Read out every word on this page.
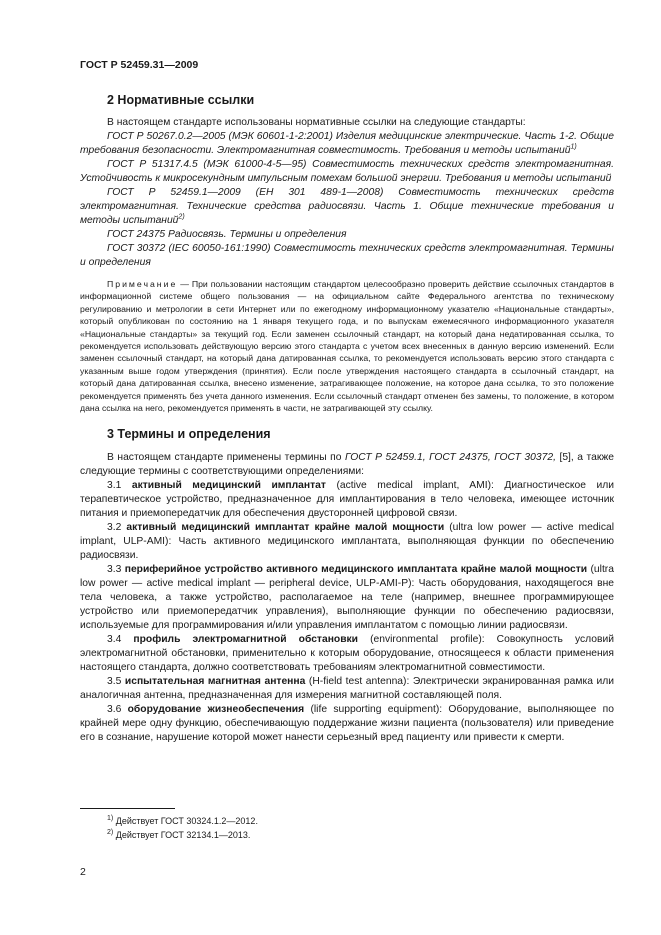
ГОСТ Р 52459.31—2009
2 Нормативные ссылки

В настоящем стандарте использованы нормативные ссылки на следующие стандарты:

ГОСТ Р 50267.0.2—2005 (МЭК 60601-1-2:2001) Изделия медицинские электрические. Часть 1-2. Общие требования безопасности. Электромагнитная совместимость. Требования и методы испытаний$^{1)}$

ГОСТ Р 51317.4.5 (МЭК 61000-4-5—95) Совместимость технических средств электромагнитная. Устойчивость к микросекундным импульсным помехам большой энергии. Требования и методы испытаний

ГОСТ Р 52459.1—2009 (ЕН 301 489-1—2008) Совместимость технических средств электромагнитная. Технические средства радиосвязи. Часть 1. Общие технические требования и методы испытаний$^{2)}$

ГОСТ 24375 Радиосвязь. Термины и определения

ГОСТ 30372 (IEC 60050-161:1990) Совместимость технических средств электромагнитная. Термины и определения

Примечание — При пользовании настоящим стандартом целесообразно проверить действие ссылочных стандартов в информационной системе общего пользования — на официальном сайте Федерального агентства по техническому регулированию и метрологии в сети Интернет или по ежегодному информационному указателю «Национальные стандарты», который опубликован по состоянию на 1 января текущего года, и по выпускам ежемесячного информационного указателя «Национальные стандарты» за текущий год. Если заменен ссылочный стандарт, на который дана недатированная ссылка, то рекомендуется использовать действующую версию этого стандарта с учетом всех внесенных в данную версию изменений. Если заменен ссылочный стандарт, на который дана датированная ссылка, то рекомендуется использовать версию этого стандарта с указанным выше годом утверждения (принятия). Если после утверждения настоящего стандарта в ссылочный стандарт, на который дана датированная ссылка, внесено изменение, затрагивающее положение, на которое дана ссылка, то это положение рекомендуется применять без учета данного изменения. Если ссылочный стандарт отменен без замены, то положение, в котором дана ссылка на него, рекомендуется применять в части, не затрагивающей эту ссылку.

3 Термины и определения

В настоящем стандарте применены термины по ГОСТ Р 52459.1, ГОСТ 24375, ГОСТ 30372, [5], а также следующие термины с соответствующими определениями:

3.1 активный медицинский имплантат (active medical implant, AMI): Диагностическое или терапевтическое устройство, предназначенное для имплантирования в тело человека, имеющее источник питания и приемопередатчик для обеспечения двусторонней цифровой связи.

3.2 активный медицинский имплантат крайне малой мощности (ultra low power — active medical implant, ULP-AMI): Часть активного медицинского имплантата, выполняющая функции по обеспечению радиосвязи.

3.3 периферийное устройство активного медицинского имплантата крайне малой мощности (ultra low power — active medical implant — peripheral device, ULP-AMI-P): Часть оборудования, находящегося вне тела человека, а также устройство, располагаемое на теле (например, внешнее программирующее устройство или приемопередатчик управления), выполняющие функции по обеспечению радиосвязи, используемые для программирования и/или управления имплантатом с помощью линии радиосвязи.

3.4 профиль электромагнитной обстановки (environmental profile): Совокупность условий электромагнитной обстановки, применительно к которым оборудование, относящееся к области применения настоящего стандарта, должно соответствовать требованиям электромагнитной совместимости.

3.5 испытательная магнитная антенна (H-field test antenna): Электрически экранированная рамка или аналогичная антенна, предназначенная для измерения магнитной составляющей поля.

3.6 оборудование жизнеобеспечения (life supporting equipment): Оборудование, выполняющее по крайней мере одну функцию, обеспечивающую поддержание жизни пациента (пользователя) или приведение его в сознание, нарушение которой может нанести серьезный вред пациенту или привести к смерти.

$^{1)}$ Действует ГОСТ 30324.1.2—2012.
$^{2)}$ Действует ГОСТ 32134.1—2013.
2
